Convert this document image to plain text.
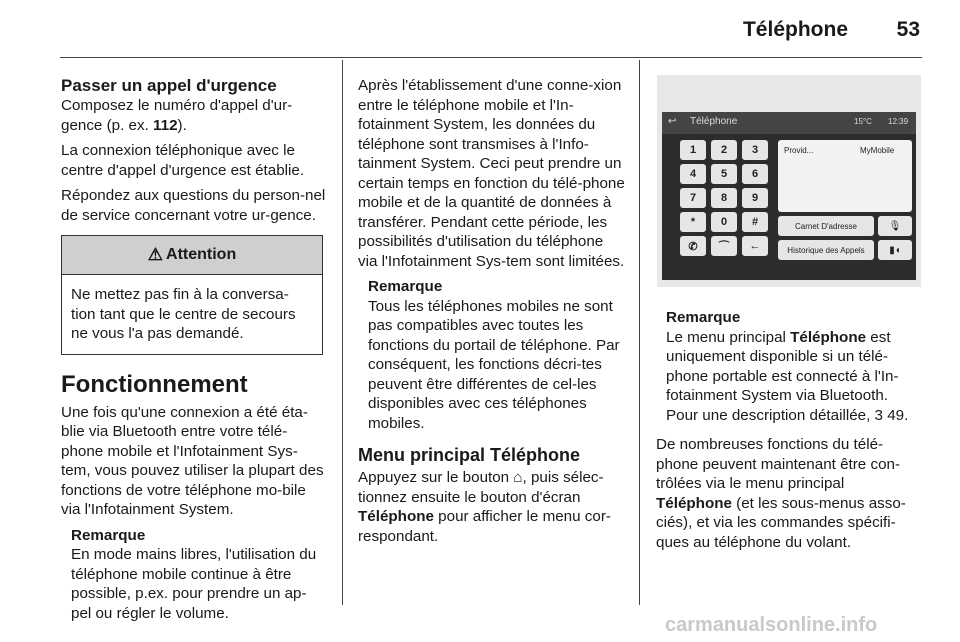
Téléphone 53
Passer un appel d'urgence

Composez le numéro d'appel d'ur-gence (p. ex. 112).

La connexion téléphonique avec le centre d'appel d'urgence est établie.

Répondez aux questions du person-nel de service concernant votre ur-gence.

⚠ Attention
Ne mettez pas fin à la conversa-tion tant que le centre de secours ne vous l'a pas demandé.
Fonctionnement

Une fois qu'une connexion a été éta-blie via Bluetooth entre votre télé-phone mobile et l'Infotainment Sys-tem, vous pouvez utiliser la plupart des fonctions de votre téléphone mo-bile via l'Infotainment System.

Remarque
En mode mains libres, l'utilisation du téléphone mobile continue à être possible, p.ex. pour prendre un ap-pel ou régler le volume.

Après l'établissement d'une conne-xion entre le téléphone mobile et l'In-fotainment System, les données du téléphone sont transmises à l'Info-tainment System. Ceci peut prendre un certain temps en fonction du télé-phone mobile et de la quantité de données à transférer. Pendant cette période, les possibilités d'utilisation du téléphone via l'Infotainment Sys-tem sont limitées.

Remarque
Tous les téléphones mobiles ne sont pas compatibles avec toutes les fonctions du portail de téléphone. Par conséquent, les fonctions décri-tes peuvent être différentes de cel-les disponibles avec ces téléphones mobiles.
Menu principal Téléphone

Appuyez sur le bouton ⌂, puis sélec-tionnez ensuite le bouton d'écran Téléphone pour afficher le menu cor-respondant.

↩ Téléphone	15°C 12:39
1	2	3
4	5	6
7	8	9
*	0	#
✆	⌒	←
Provid...	MyMobile
Carnet D'adresse
Historique des Appels
🎙
▮◖
Remarque
Le menu principal Téléphone est uniquement disponible si un télé-phone portable est connecté à l'In-fotainment System via Bluetooth. Pour une description détaillée, 3 49.

De nombreuses fonctions du télé-phone peuvent maintenant être con-trôlées via le menu principal Téléphone (et les sous-menus asso-ciés), et via les commandes spécifi-ques au téléphone du volant.

carmanualsonline.info
